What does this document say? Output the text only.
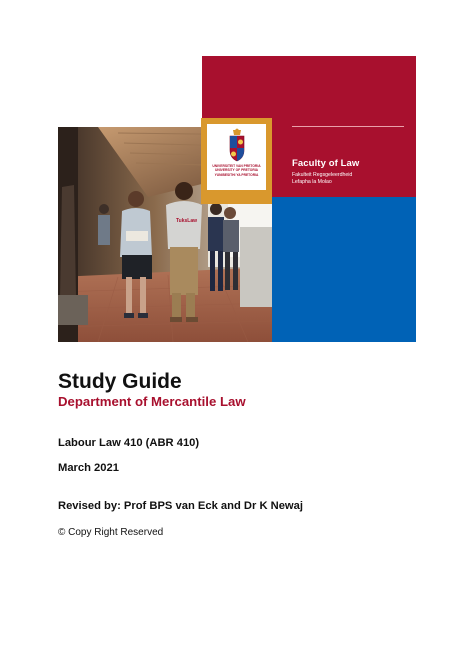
Faculty of Law
Fakulteit Regsgeleerdheid
Lefapha la Molao
TuksLaw
UNIVERSITEIT VAN PRETORIA
UNIVERSITY OF PRETORIA
YUNIBESITHI YA PRETORIA
Study Guide
Department of Mercantile Law
Labour Law 410 (ABR 410)
March 2021
Revised by: Prof BPS van Eck and Dr K Newaj
© Copy Right Reserved
